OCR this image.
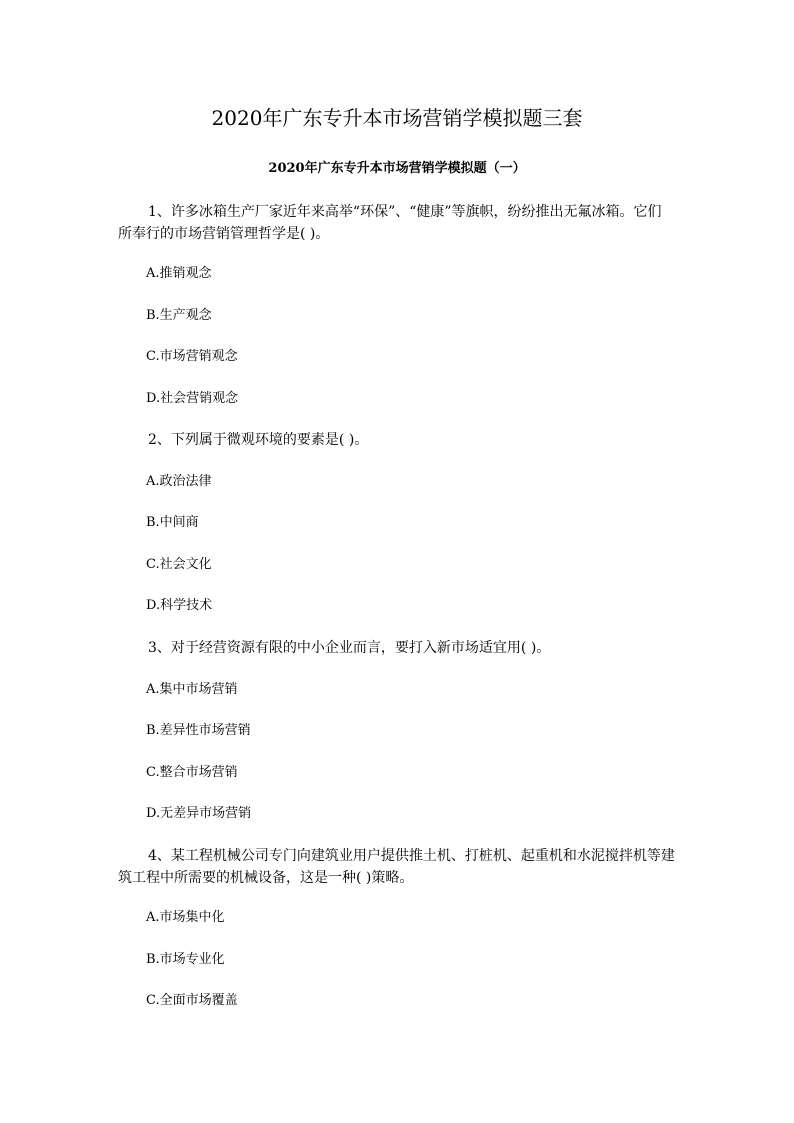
2020年广东专升本市场营销学模拟题三套
2020年广东专升本市场营销学模拟题（一）

1、许多冰箱生产厂家近年来高举“环保”、“健康”等旗帜，纷纷推出无氟冰箱。它们

所奉行的市场营销管理哲学是( )。

A.推销观念

B.生产观念

C.市场营销观念

D.社会营销观念

2、下列属于微观环境的要素是( )。

A.政治法律

B.中间商

C.社会文化

D.科学技术

3、对于经营资源有限的中小企业而言，要打入新市场适宜用( )。

A.集中市场营销

B.差异性市场营销

C.整合市场营销

D.无差异市场营销

4、某工程机械公司专门向建筑业用户提供推土机、打桩机、起重机和水泥搅拌机等建

筑工程中所需要的机械设备，这是一种( )策略。

A.市场集中化

B.市场专业化

C.全面市场覆盖
